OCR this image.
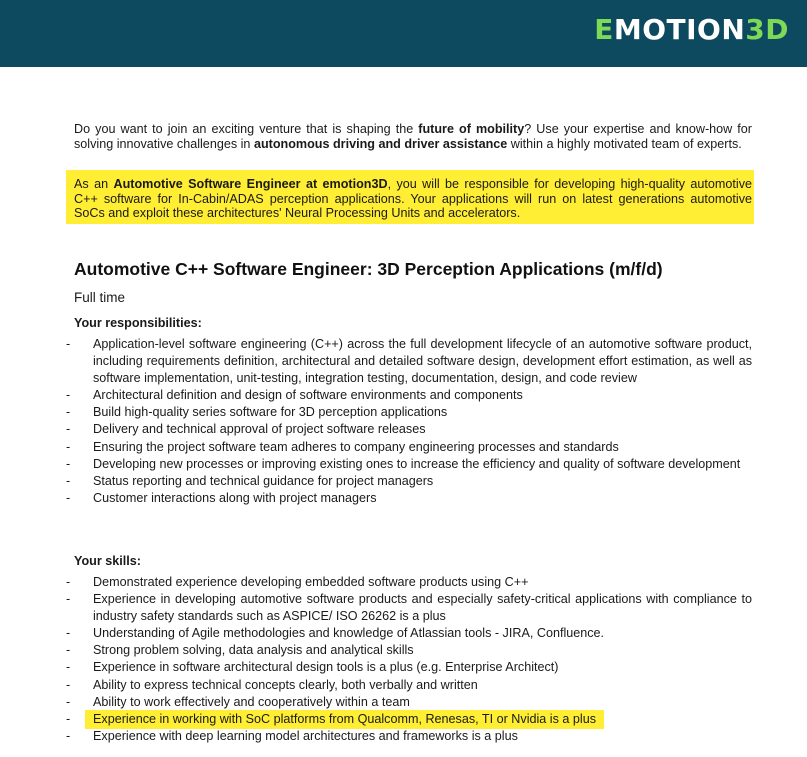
EMOTION3D

Do you want to join an exciting venture that is shaping the future of mobility? Use your expertise and know-how for solving innovative challenges in autonomous driving and driver assistance within a highly motivated team of experts.

As an Automotive Software Engineer at emotion3D, you will be responsible for developing high-quality automotive C++ software for In-Cabin/ADAS perception applications. Your applications will run on latest generations automotive SoCs and exploit these architectures' Neural Processing Units and accelerators.

Automotive C++ Software Engineer: 3D Perception Applications (m/f/d)

Full time

Your responsibilities:

- Application-level software engineering (C++) across the full development lifecycle of an automotive software product, including requirements definition, architectural and detailed software design, development effort estimation, as well as software implementation, unit-testing, integration testing, documentation, design, and code review
- Architectural definition and design of software environments and components
- Build high-quality series software for 3D perception applications
- Delivery and technical approval of project software releases
- Ensuring the project software team adheres to company engineering processes and standards
- Developing new processes or improving existing ones to increase the efficiency and quality of software development
- Status reporting and technical guidance for project managers
- Customer interactions along with project managers

Your skills:

- Demonstrated experience developing embedded software products using C++
- Experience in developing automotive software products and especially safety-critical applications with compliance to industry safety standards such as ASPICE/ ISO 26262 is a plus
- Understanding of Agile methodologies and knowledge of Atlassian tools - JIRA, Confluence.
- Strong problem solving, data analysis and analytical skills
- Experience in software architectural design tools is a plus (e.g. Enterprise Architect)
- Ability to express technical concepts clearly, both verbally and written
- Ability to work effectively and cooperatively within a team
- Experience in working with SoC platforms from Qualcomm, Renesas, TI or Nvidia is a plus
- Experience with deep learning model architectures and frameworks is a plus
